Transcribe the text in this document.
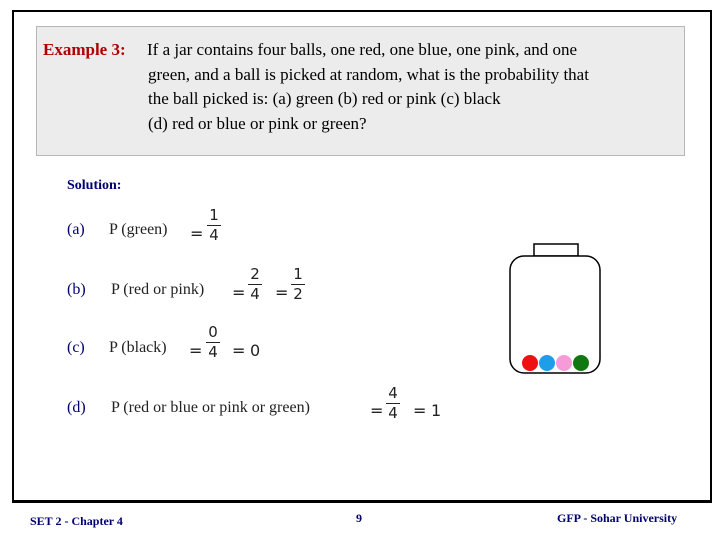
Example 3: If a jar contains four balls, one red, one blue, one pink, and one
green, and a ball is picked at random, what is the probability that
the ball picked is: (a) green (b) red or pink (c) black
(d) red or blue or pink or green?
Solution:
(a) P (green) =
1
4
(b) P (red or pink) =
2
4 =
1
2
(c) P (black) =
0
4 = 0
(d) P (red or blue or pink or green)	=
4
4 = 1
SET 2 - Chapter 4	9	GFP - Sohar University
